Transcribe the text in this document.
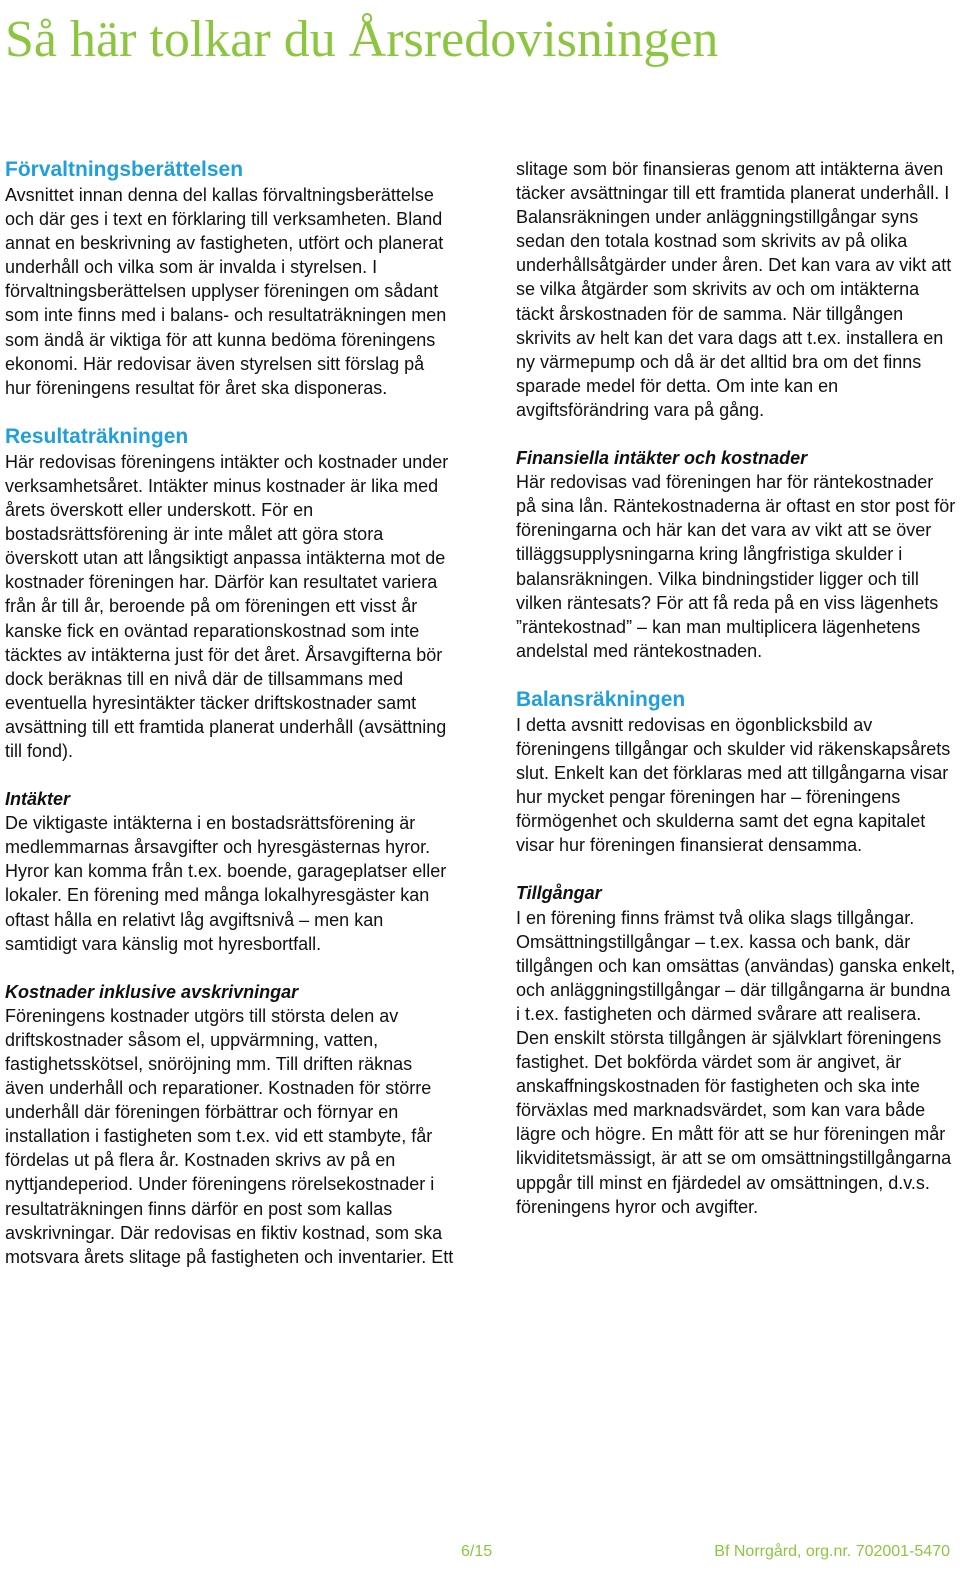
Så här tolkar du Årsredovisningen
Förvaltningsberättelsen

Avsnittet innan denna del kallas förvaltningsberättelse och där ges i text en förklaring till verksamheten. Bland annat en beskrivning av fastigheten, utfört och planerat underhåll och vilka som är invalda i styrelsen. I förvaltningsberättelsen upplyser föreningen om sådant som inte finns med i balans- och resultaträkningen men som ändå är viktiga för att kunna bedöma föreningens ekonomi. Här redovisar även styrelsen sitt förslag på hur föreningens resultat för året ska disponeras.

Resultaträkningen

Här redovisas föreningens intäkter och kostnader under verksamhetsåret. Intäkter minus kostnader är lika med årets överskott eller underskott. För en bostadsrättsförening är inte målet att göra stora överskott utan att långsiktigt anpassa intäkterna mot de kostnader föreningen har. Därför kan resultatet variera från år till år, beroende på om föreningen ett visst år kanske fick en oväntad reparationskostnad som inte täcktes av intäkterna just för det året. Årsavgifterna bör dock beräknas till en nivå där de tillsammans med eventuella hyresintäkter täcker driftskostnader samt avsättning till ett framtida planerat underhåll (avsättning till fond).

Intäkter

De viktigaste intäkterna i en bostadsrättsförening är medlemmarnas årsavgifter och hyresgästernas hyror. Hyror kan komma från t.ex. boende, garageplatser eller lokaler. En förening med många lokalhyresgäster kan oftast hålla en relativt låg avgiftsnivå – men kan samtidigt vara känslig mot hyresbortfall.

Kostnader inklusive avskrivningar

Föreningens kostnader utgörs till största delen av driftskostnader såsom el, uppvärmning, vatten, fastighetsskötsel, snöröjning mm. Till driften räknas även underhåll och reparationer. Kostnaden för större underhåll där föreningen förbättrar och förnyar en installation i fastigheten som t.ex. vid ett stambyte, får fördelas ut på flera år. Kostnaden skrivs av på en nyttjandeperiod. Under föreningens rörelsekostnader i resultaträkningen finns därför en post som kallas avskrivningar. Där redovisas en fiktiv kostnad, som ska motsvara årets slitage på fastigheten och inventarier. Ett

slitage som bör finansieras genom att intäkterna även täcker avsättningar till ett framtida planerat underhåll. I Balansräkningen under anläggningstillgångar syns sedan den totala kostnad som skrivits av på olika underhållsåtgärder under åren. Det kan vara av vikt att se vilka åtgärder som skrivits av och om intäkterna täckt årskostnaden för de samma. När tillgången skrivits av helt kan det vara dags att t.ex. installera en ny värmepump och då är det alltid bra om det finns sparade medel för detta. Om inte kan en avgiftsförändring vara på gång.

Finansiella intäkter och kostnader

Här redovisas vad föreningen har för räntekostnader på sina lån. Räntekostnaderna är oftast en stor post för föreningarna och här kan det vara av vikt att se över tilläggsupplysningarna kring långfristiga skulder i balansräkningen. Vilka bindningstider ligger och till vilken räntesats? För att få reda på en viss lägenhets ”räntekostnad” – kan man multiplicera lägenhetens andelstal med räntekostnaden.

Balansräkningen

I detta avsnitt redovisas en ögonblicksbild av föreningens tillgångar och skulder vid räkenskapsårets slut. Enkelt kan det förklaras med att tillgångarna visar hur mycket pengar föreningen har – föreningens förmögenhet och skulderna samt det egna kapitalet visar hur föreningen finansierat densamma.

Tillgångar

I en förening finns främst två olika slags tillgångar. Omsättningstillgångar – t.ex. kassa och bank, där tillgången och kan omsättas (användas) ganska enkelt, och anläggningstillgångar – där tillgångarna är bundna i t.ex. fastigheten och därmed svårare att realisera. Den enskilt största tillgången är självklart föreningens fastighet. Det bokförda värdet som är angivet, är anskaffningskostnaden för fastigheten och ska inte förväxlas med marknadsvärdet, som kan vara både lägre och högre. En mått för att se hur föreningen mår likviditetsmässigt, är att se om omsättningstillgångarna uppgår till minst en fjärdedel av omsättningen, d.v.s. föreningens hyror och avgifter.

6/15	Bf Norrgård, org.nr. 702001-5470
